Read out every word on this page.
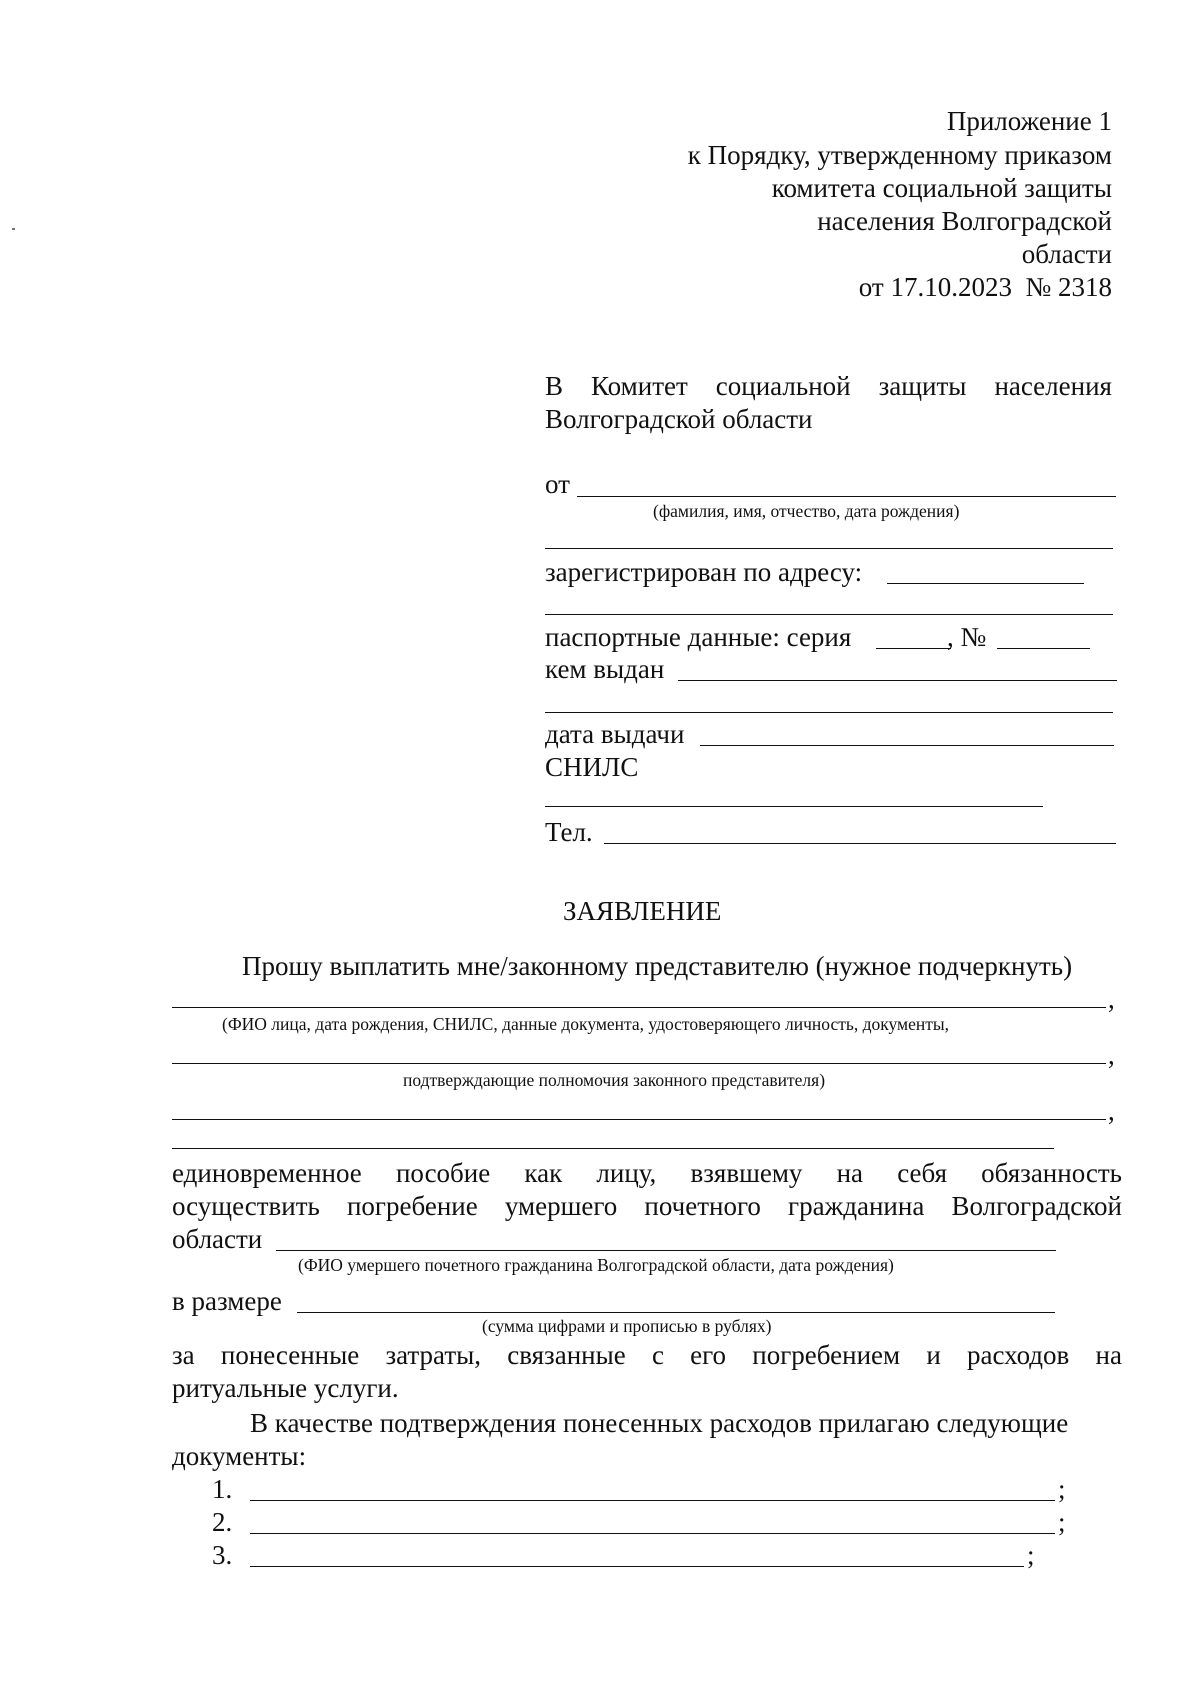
Приложение 1
к Порядку, утвержденному приказом
комитета социальной защиты
населения Волгоградской
области
от 17.10.2023  № 2318
В Комитет социальной защиты населения
Волгоградской области
от
(фамилия, имя, отчество, дата рождения)
зарегистрирован по адресу:
паспортные данные: серия	, №
кем выдан
дата выдачи
СНИЛС
Тел.
ЗАЯВЛЕНИЕ
Прошу выплатить мне/законному представителю (нужное подчеркнуть)
,
(ФИО лица, дата рождения, СНИЛС, данные документа, удостоверяющего личность, документы,
,
подтверждающие полномочия законного представителя)
,
единовременное пособие как лицу, взявшему на себя обязанность
осуществить погребение умершего почетного гражданина Волгоградской
области
(ФИО умершего почетного гражданина Волгоградской области, дата рождения)
в размере
(сумма цифрами и прописью в рублях)
за понесенные затраты, связанные с его погребением и расходов на
ритуальные услуги.
В качестве подтверждения понесенных расходов прилагаю следующие
документы:
1.	;
2.	;
3.	;
